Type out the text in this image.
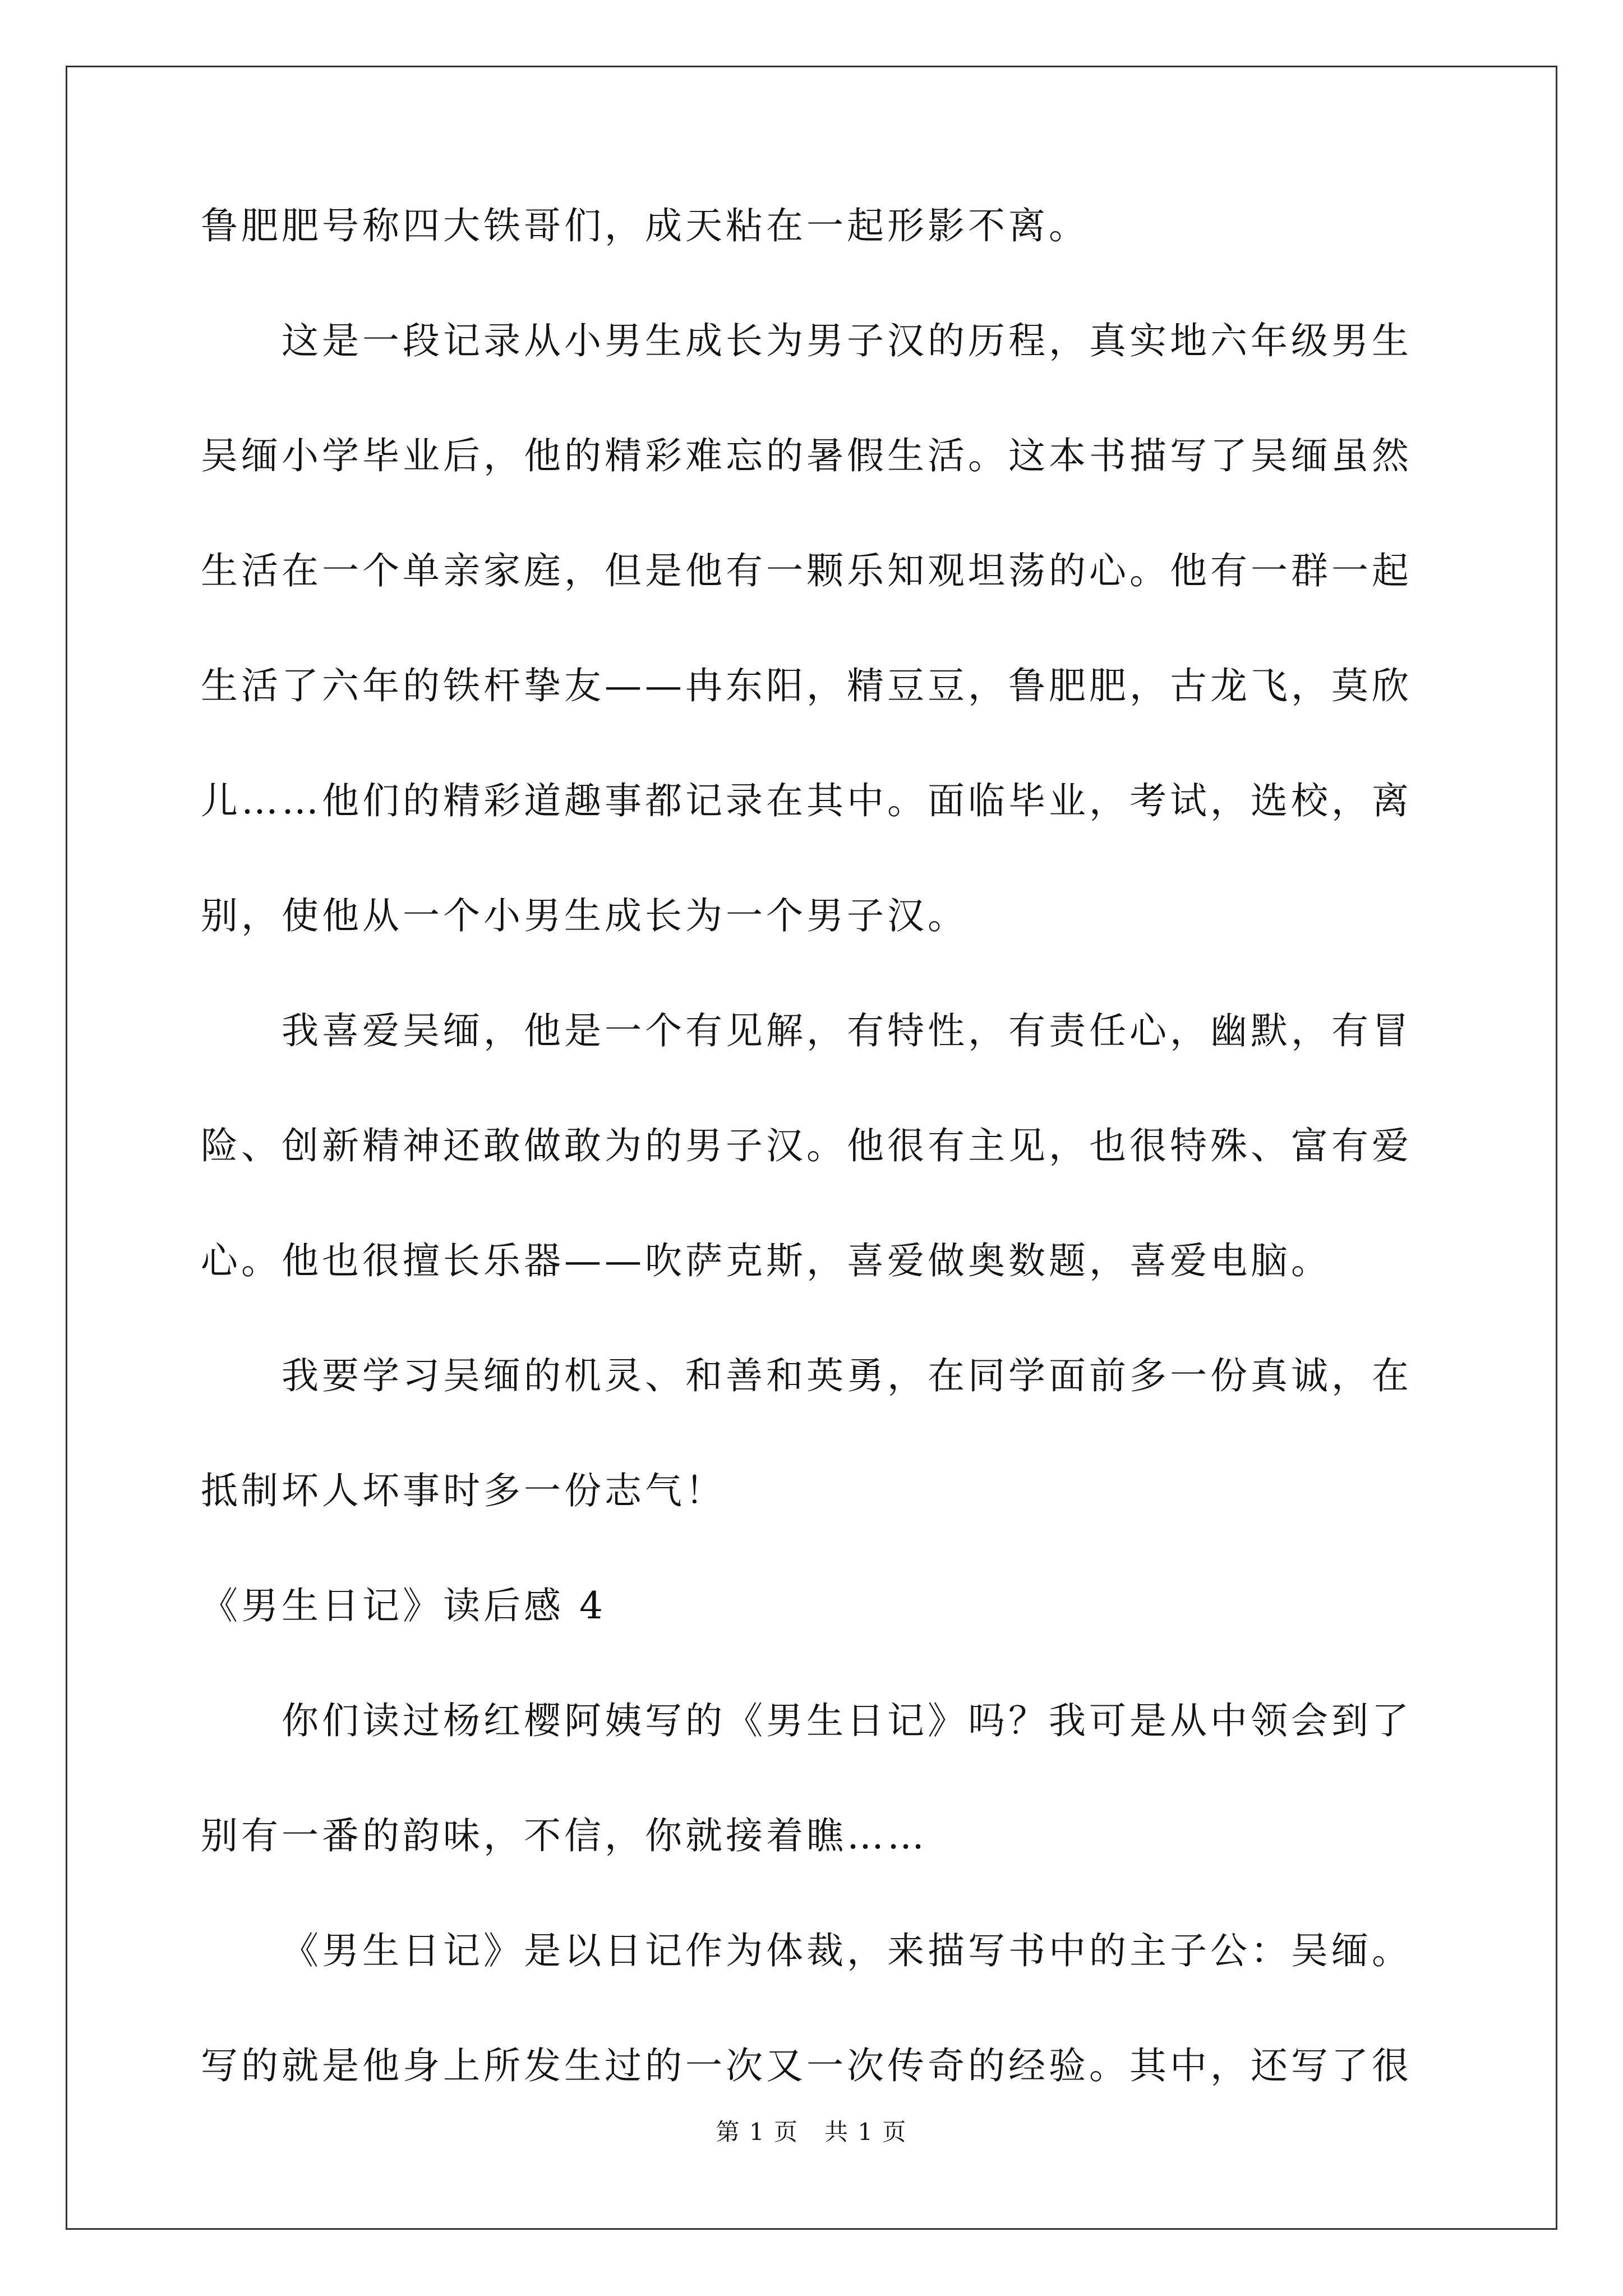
鲁肥肥号称四大铁哥们，成天粘在一起形影不离。

这是一段记录从小男生成长为男子汉的历程，真实地六年级男生

吴缅小学毕业后，他的精彩难忘的暑假生活。这本书描写了吴缅虽然

生活在一个单亲家庭，但是他有一颗乐知观坦荡的心。他有一群一起

生活了六年的铁杆挚友——冉东阳，精豆豆，鲁肥肥，古龙飞，莫欣

儿……他们的精彩道趣事都记录在其中。面临毕业，考试，选校，离

别，使他从一个小男生成长为一个男子汉。

我喜爱吴缅，他是一个有见解，有特性，有责任心，幽默，有冒

险、创新精神还敢做敢为的男子汉。他很有主见，也很特殊、富有爱

心。他也很擅长乐器——吹萨克斯，喜爱做奥数题，喜爱电脑。

我要学习吴缅的机灵、和善和英勇，在同学面前多一份真诚，在

抵制坏人坏事时多一份志气！

《男生日记》读后感 4

你们读过杨红樱阿姨写的《男生日记》吗？我可是从中领会到了

别有一番的韵味，不信，你就接着瞧……

《男生日记》是以日记作为体裁，来描写书中的主子公：吴缅。

写的就是他身上所发生过的一次又一次传奇的经验。其中，还写了很

第 1 页 共 1 页
